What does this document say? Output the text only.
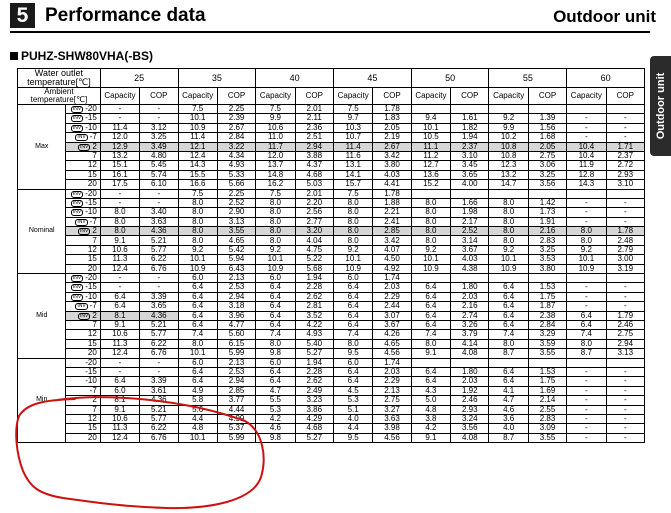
5 Performance data	Outdoor unit
Outdoor unit
PUHZ-SHW80VHA(-BS)
Water outlet
temperature[℃]		25		35		40		45		50		55		60	

Ambient
temperature[℃]		Capacity	COP	Capacity	COP	Capacity	COP	Capacity	COP	Capacity	COP	Capacity	COP	Capacity	COP
Max	INV -20	-	-	7.5	2.25	7.5	2.01	7.5	1.78						
	INV -15	-	-	10.1	2.39	9.9	2.11	9.7	1.83	9.4	1.61	9.2	1.39	-	-
	INV -10	11.4	3.12	10.9	2.67	10.6	2.36	10.3	2.05	10.1	1.82	9.9	1.56	-	-
	INV -7	12.0	3.25	11.4	2.84	11.0	2.51	10.7	2.19	10.5	1.94	10.2	1.68	-	-
	INV 2	12.9	3.49	12.1	3.22	11.7	2.94	11.4	2.67	11.1	2.37	10.8	2.05	10.4	1.71
	7	13.2	4.80	12.4	4.34	12.0	3.88	11.6	3.42	11.2	3.10	10.8	2.75	10.4	2.37
	12	15.1	5.45	14.3	4.93	13.7	4.37	13.1	3.80	12.7	3.45	12.3	3.06	11.9	2.72
	15	16.1	5.74	15.5	5.33	14.8	4.68	14.1	4.03	13.6	3.65	13.2	3.25	12.8	2.93
	20	17.5	6.10	16.6	5.66	16.2	5.03	15.7	4.41	15.2	4.00	14.7	3.56	14.3	3.10
Nominal	INV -20	-	-	7.5	2.25	7.5	2.01	7.5	1.78						
	INV -15	-	-	8.0	2.52	8.0	2.20	8.0	1.88	8.0	1.66	8.0	1.42	-	-
	INV -10	8.0	3.40	8.0	2.90	8.0	2.56	8.0	2.21	8.0	1.98	8.0	1.73	-	-
	INV -7	8.0	3.63	8.0	3.13	8.0	2.77	8.0	2.41	8.0	2.17	8.0	1.91	-	-
	INV 2	8.0	4.36	8.0	3.55	8.0	3.20	8.0	2.85	8.0	2.52	8.0	2.16	8.0	1.78
	7	9.1	5.21	8.0	4.65	8.0	4.04	8.0	3.42	8.0	3.14	8.0	2.83	8.0	2.48
	12	10.6	5.77	9.2	5.42	9.2	4.75	9.2	4.07	9.2	3.67	9.2	3.25	9.2	2.79
	15	11.3	6.22	10.1	5.94	10.1	5.22	10.1	4.50	10.1	4.03	10.1	3.53	10.1	3.00
	20	12.4	6.76	10.9	6.43	10.9	5.68	10.9	4.92	10.9	4.38	10.9	3.80	10.9	3.19
Mid	INV -20	-	-	6.0	2.13	6.0	1.94	6.0	1.74						
	INV -15	-	-	6.4	2.53	6.4	2.28	6.4	2.03	6.4	1.80	6.4	1.53	-	-
	INV -10	6.4	3.39	6.4	2.94	6.4	2.62	6.4	2.29	6.4	2.03	6.4	1.75	-	-
	INV -7	6.4	3.65	6.4	3.18	6.4	2.81	6.4	2.44	6.4	2.16	6.4	1.87	-	-
	INV 2	8.1	4.36	6.4	3.96	6.4	3.52	6.4	3.07	6.4	2.74	6.4	2.38	6.4	1.79
	7	9.1	5.21	6.4	4.77	6.4	4.22	6.4	3.67	6.4	3.26	6.4	2.84	6.4	2.46
	12	10.6	5.77	7.4	5.60	7.4	4.93	7.4	4.26	7.4	3.79	7.4	3.29	7.4	2.75
	15	11.3	6.22	8.0	6.15	8.0	5.40	8.0	4.65	8.0	4.14	8.0	3.59	8.0	2.94
	20	12.4	6.76	10.1	5.99	9.8	5.27	9.5	4.56	9.1	4.08	8.7	3.55	8.7	3.13
Min	-20	-	-	6.0	2.13	6.0	1.94	6.0	1.74						
	-15	-	-	6.4	2.53	6.4	2.28	6.4	2.03	6.4	1.80	6.4	1.53	-	-
	-10	6.4	3.39	6.4	2.94	6.4	2.62	6.4	2.29	6.4	2.03	6.4	1.75	-	-
	-7	6.0	3.61	4.9	2.85	4.7	2.49	4.5	2.13	4.3	1.92	4.1	1.69	-	-
	2	8.1	4.36	5.8	3.77	5.5	3.23	5.3	2.75	5.0	2.46	4.7	2.14	-	-
	7	9.1	5.21	5.6	4.44	5.3	3.86	5.1	3.27	4.8	2.93	4.6	2.55	-	-
	12	10.6	5.77	4.4	4.99	4.2	4.29	4.0	3.63	3.8	3.24	3.6	2.83	-	-
	15	11.3	6.22	4.8	5.37	4.6	4.68	4.4	3.98	4.2	3.56	4.0	3.09	-	-
	20	12.4	6.76	10.1	5.99	9.8	5.27	9.5	4.56	9.1	4.08	8.7	3.55	-	-
